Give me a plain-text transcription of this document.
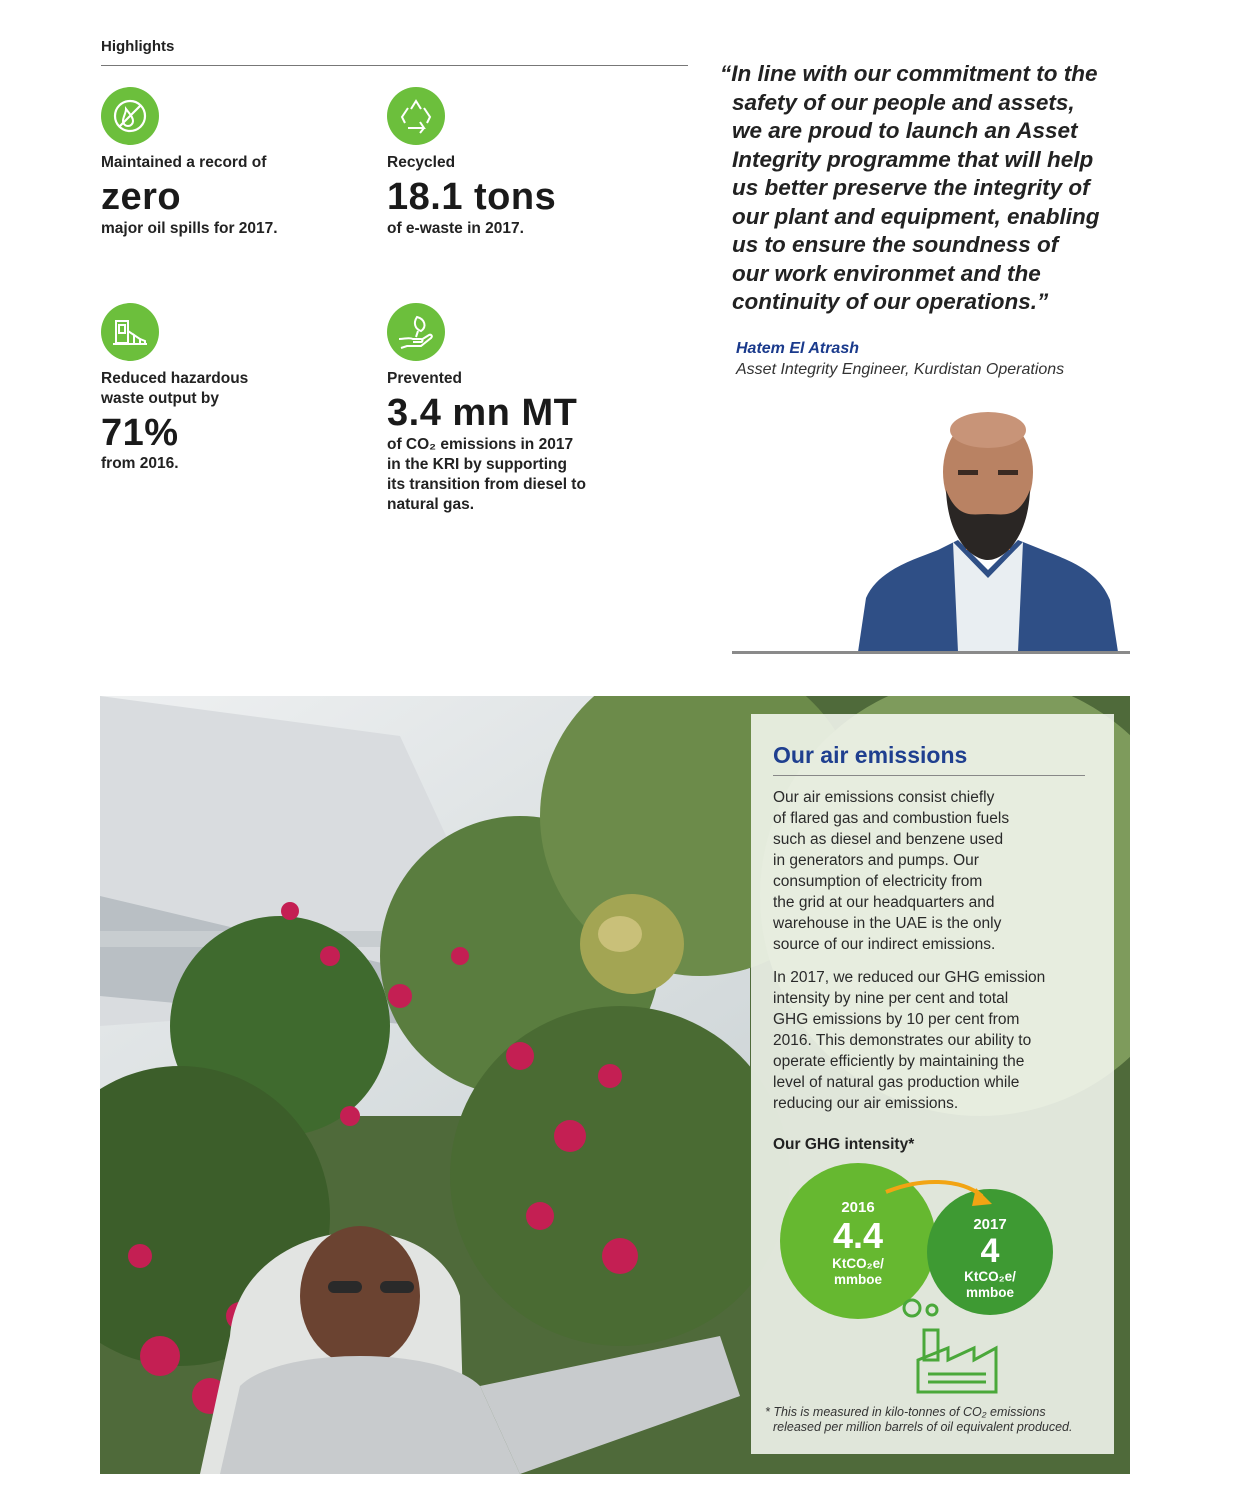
Highlights
Maintained a record of
zero
major oil spills for 2017.
Recycled
18.1 tons
of e-waste in 2017.
Reduced hazardous
waste output by
71%
from 2016.
Prevented
3.4 mn MT
of CO₂ emissions in 2017
in the KRI by supporting
its transition from diesel to
natural gas.
“In line with our commitment to the
safety of our people and assets,
we are proud to launch an Asset
Integrity programme that will help
us better preserve the integrity of
our plant and equipment, enabling
us to ensure the soundness of
our work environmet and the
continuity of our operations.”
Hatem El Atrash
Asset Integrity Engineer, Kurdistan Operations
Our air emissions
Our air emissions consist chiefly
of flared gas and combustion fuels
such as diesel and benzene used
in generators and pumps. Our
consumption of electricity from
the grid at our headquarters and
warehouse in the UAE is the only
source of our indirect emissions.
In 2017, we reduced our GHG emission
intensity by nine per cent and total
GHG emissions by 10 per cent from
2016. This demonstrates our ability to
operate efficiently by maintaining the
level of natural gas production while
reducing our air emissions.
Our GHG intensity*
2016
4.4
KtCO₂e/
mmboe
2017
4
KtCO₂e/
mmboe
* This is measured in kilo-tonnes of CO₂ emissions
released per million barrels of oil equivalent produced.
